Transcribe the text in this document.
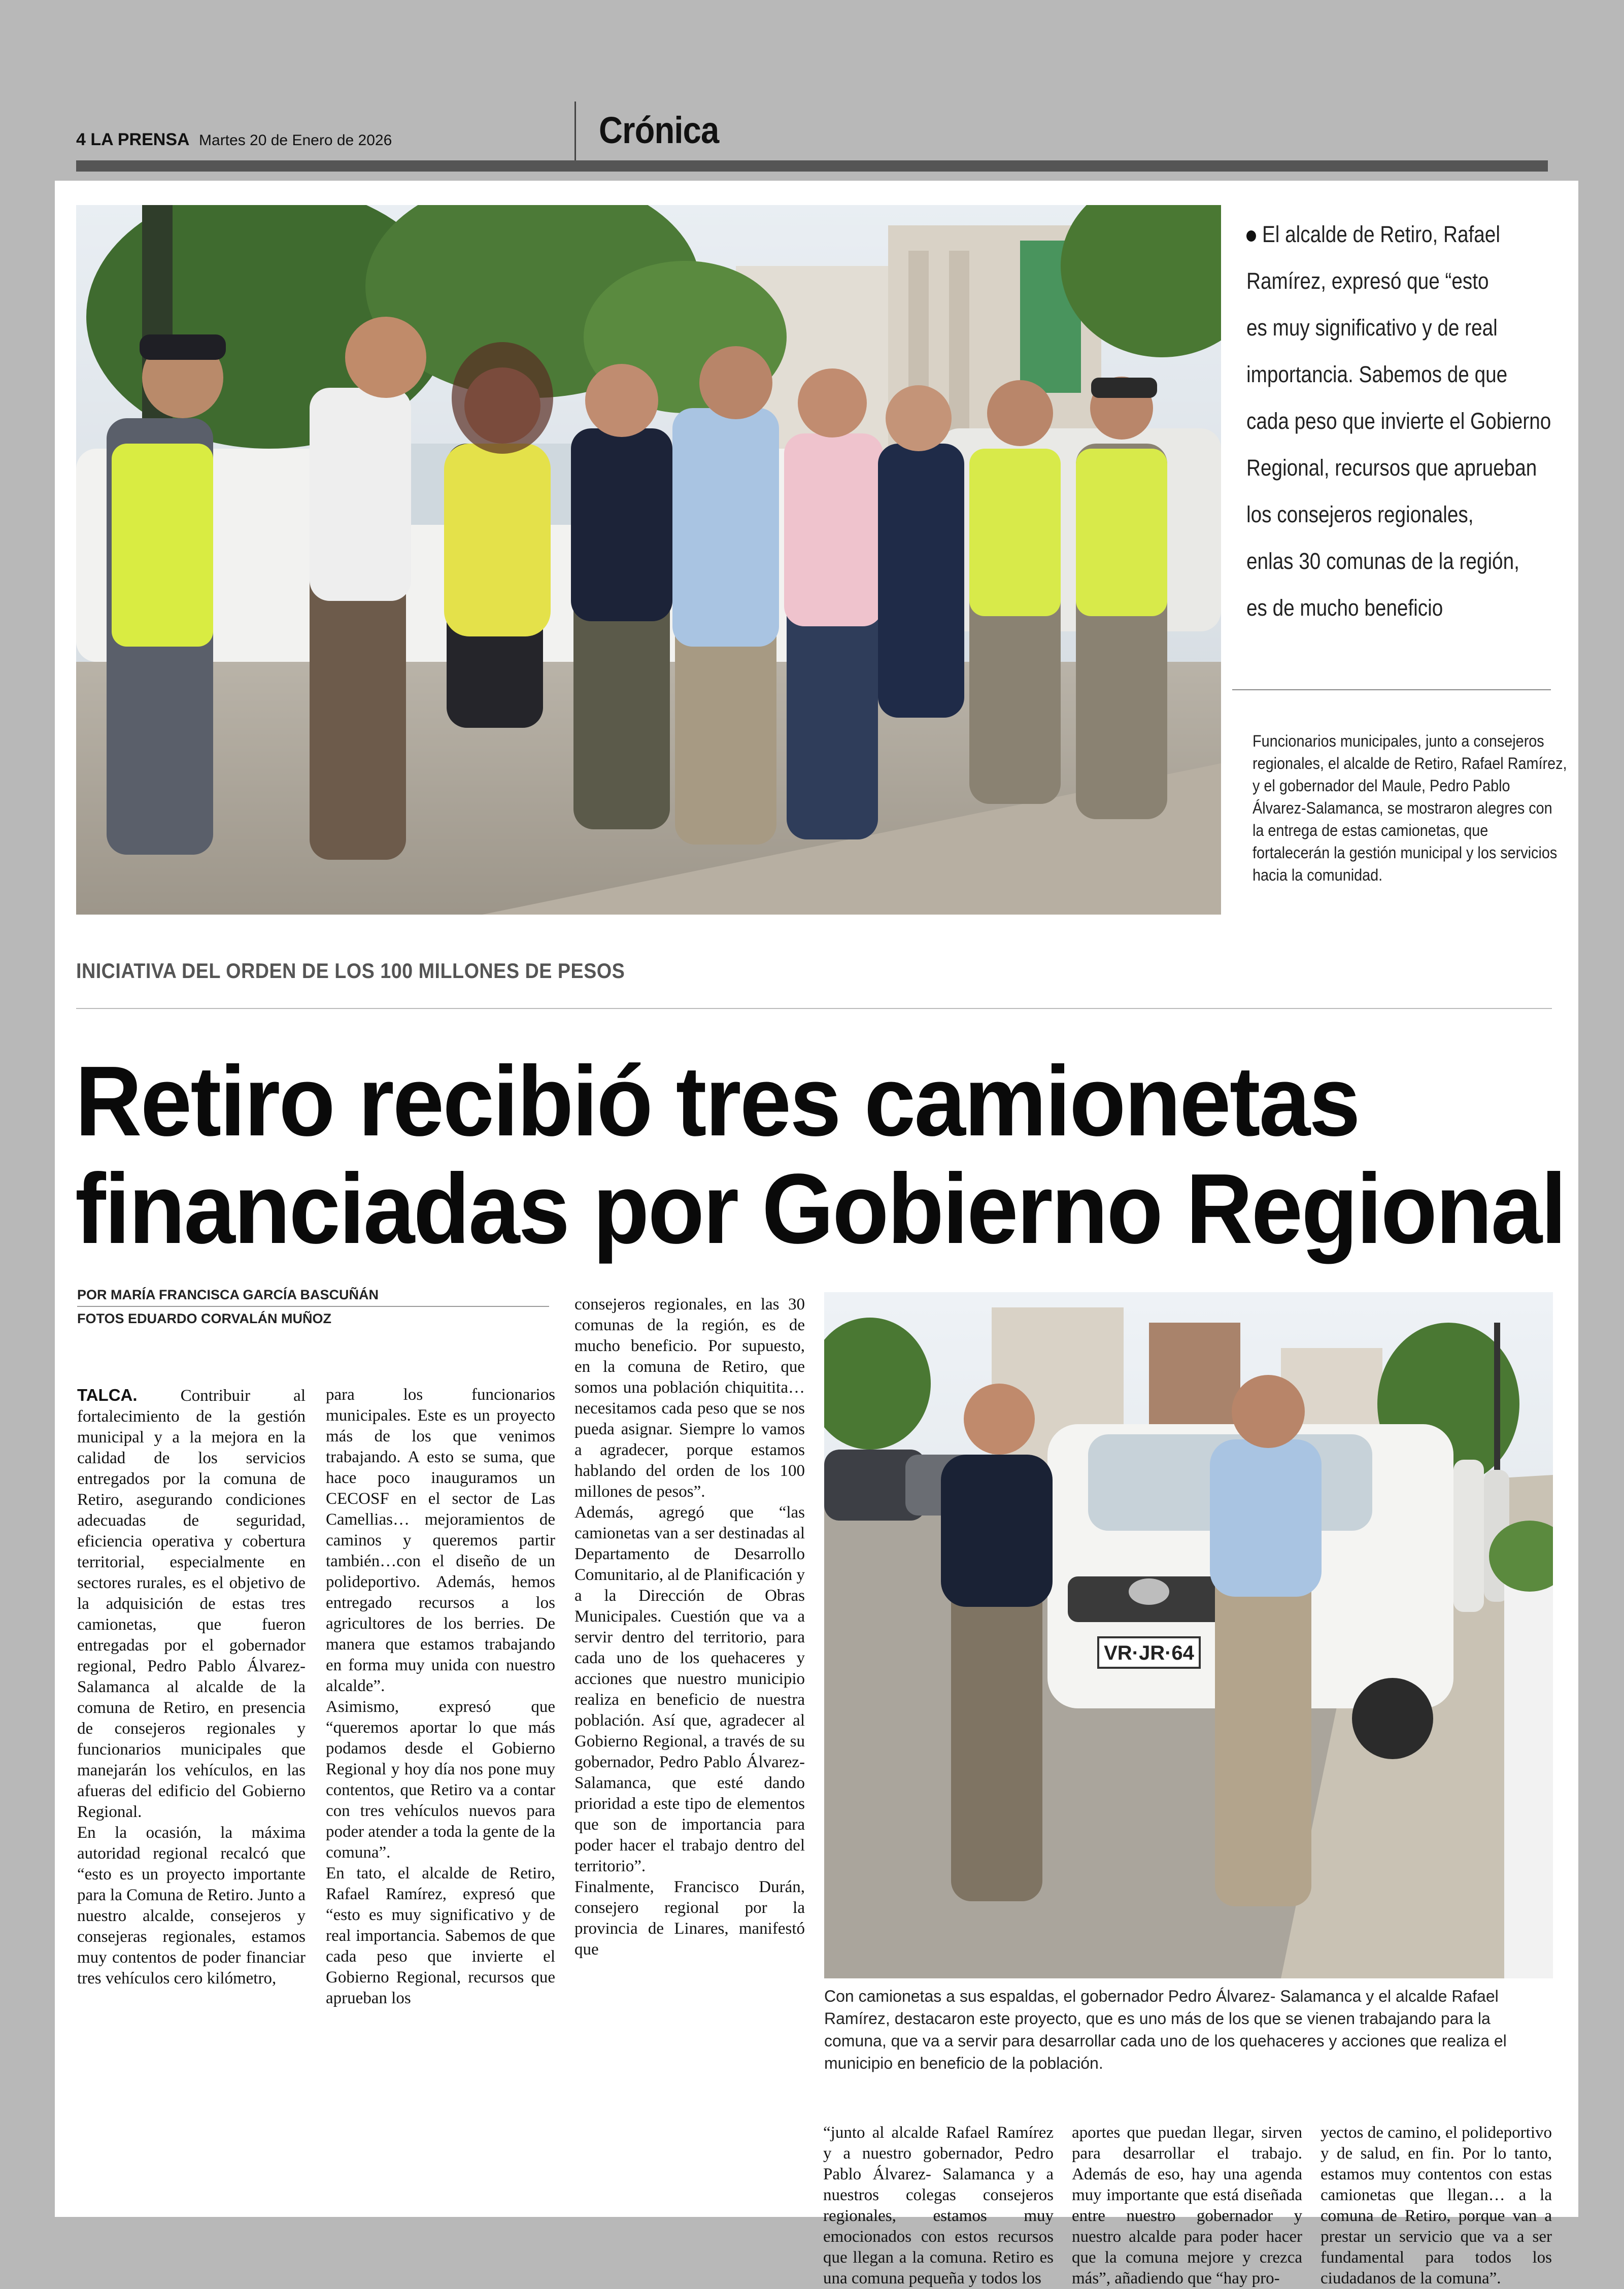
4 LA PRENSA Martes 20 de Enero de 2026	Crónica
El alcalde de Retiro, Rafael
Ramírez, expresó que “esto
es muy significativo y de real
importancia. Sabemos de que
cada peso que invierte el Gobierno
Regional, recursos que aprueban
los consejeros regionales,
enlas 30 comunas de la región,
es de mucho beneficio
Funcionarios municipales, junto a consejeros regionales, el alcalde de Retiro, Rafael Ramírez, y el gobernador del Maule, Pedro Pablo Álvarez-Salamanca, se mostraron alegres con la entrega de estas camionetas, que fortalecerán la gestión municipal y los servicios hacia la comunidad.
INICIATIVA DEL ORDEN DE LOS 100 MILLONES DE PESOS
Retiro recibió tres camionetas
financiadas por Gobierno Regional
POR MARÍA FRANCISCA GARCÍA BASCUÑÁN
FOTOS EDUARDO CORVALÁN MUÑOZ

TALCA.	Contribuir al fortalecimiento de la gestión municipal y a la mejora en la calidad de los servicios entregados por la comuna de Retiro, asegurando condiciones adecuadas de seguridad, eficiencia operativa y cobertura territorial, especialmente en sectores rurales, es el objetivo de la adquisición de estas tres camionetas, que fueron entregadas por el gobernador regional, Pedro Pablo Álvarez-Salamanca al alcalde de la comuna de Retiro, en presencia de consejeros regionales y funcionarios municipales que manejarán los vehículos, en las afueras del edificio del Gobierno Regional.

En la ocasión, la máxima autoridad regional recalcó que “esto es un proyecto importante para la Comuna de Retiro. Junto a nuestro alcalde, consejeros y consejeras regionales, estamos muy contentos de poder financiar tres vehículos cero kilómetro,

para los funcionarios municipales. Este es un proyecto más de los que venimos trabajando. A esto se suma, que hace poco inauguramos un CECOSF en el sector de Las Camellias… mejoramientos de caminos y queremos partir también…con el diseño de un polideportivo. Además, hemos entregado recursos a los agricultores de los berries. De manera que estamos trabajando en forma muy unida con nuestro alcalde”.

Asimismo, expresó que “queremos aportar lo que más podamos desde el Gobierno Regional y hoy día nos pone muy contentos, que Retiro va a contar con tres vehículos nuevos para poder atender a toda la gente de la comuna”.

En tato, el alcalde de Retiro, Rafael Ramírez, expresó que “esto es muy significativo y de real importancia. Sabemos de que cada peso que invierte el Gobierno Regional, recursos que aprueban los

consejeros regionales, en las 30 comunas de la región, es de mucho beneficio. Por supuesto, en la comuna de Retiro, que somos una población chiquitita…necesitamos cada peso que se nos pueda asignar. Siempre lo vamos a agradecer, porque estamos hablando del orden de los 100 millones de pesos”.

Además, agregó que “las camionetas van a ser destinadas al Departamento de Desarrollo Comunitario, al de Planificación y a la Dirección de Obras Municipales. Cuestión que va a servir dentro del territorio, para cada uno de los quehaceres y acciones que nuestro municipio realiza en beneficio de nuestra población. Así que, agradecer al Gobierno Regional, a través de su gobernador, Pedro Pablo Álvarez-Salamanca, que esté dando prioridad a este tipo de elementos que son de importancia para poder hacer el trabajo dentro del territorio”.

Finalmente, Francisco Durán, consejero regional por la provincia de Linares, manifestó que

VR·JR·64
Con camionetas a sus espaldas, el gobernador Pedro Álvarez- Salamanca y el alcalde Rafael Ramírez, destacaron este proyecto, que es uno más de los que se vienen trabajando para la comuna, que va a servir para desarrollar cada uno de los quehaceres y acciones que realiza el municipio en beneficio de la población.

“junto al alcalde Rafael Ramírez y a nuestro gobernador, Pedro Pablo Álvarez- Salamanca y a nuestros colegas consejeros regionales, estamos muy emocionados con estos recursos que llegan a la comuna. Retiro es una comuna pequeña y todos los

aportes que puedan llegar, sirven para desarrollar el trabajo. Además de eso, hay una agenda muy importante que está diseñada entre nuestro gobernador y nuestro alcalde para poder hacer que la comuna mejore y crezca más”, añadiendo que “hay pro-

yectos de camino, el polideportivo y de salud, en fin. Por lo tanto, estamos muy contentos con estas camionetas que llegan… a la comuna de Retiro, porque van a prestar un servicio que va a ser fundamental para todos los ciudadanos de la comuna”.
